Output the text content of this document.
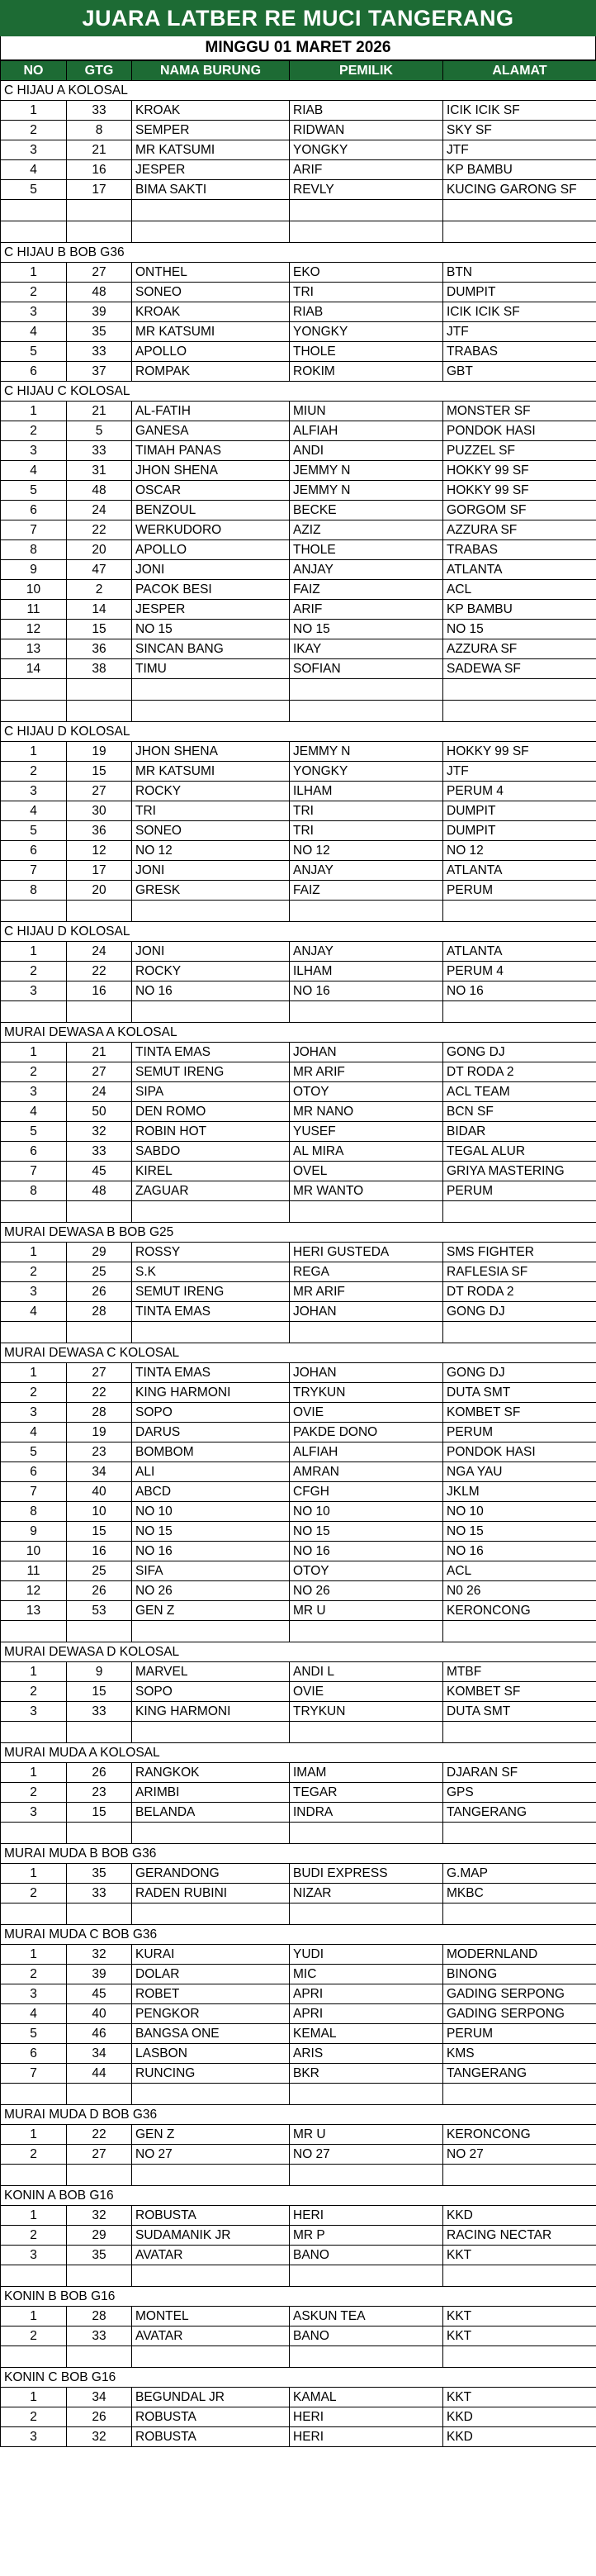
JUARA LATBER RE MUCI TANGERANG
MINGGU 01 MARET 2026
NO	GTG	NAMA BURUNG	PEMILIK	ALAMAT
C HIJAU A KOLOSAL				
1	33	KROAK	RIAB	ICIK ICIK SF
2	8	SEMPER	RIDWAN	SKY SF
3	21	MR KATSUMI	YONGKY	JTF
4	16	JESPER	ARIF	KP BAMBU
5	17	BIMA SAKTI	REVLY	KUCING GARONG SF

C HIJAU B BOB G36				
1	27	ONTHEL	EKO	BTN
2	48	SONEO	TRI	DUMPIT
3	39	KROAK	RIAB	ICIK ICIK SF
4	35	MR KATSUMI	YONGKY	JTF
5	33	APOLLO	THOLE	TRABAS
6	37	ROMPAK	ROKIM	GBT
C HIJAU C KOLOSAL				
1	21	AL-FATIH	MIUN	MONSTER SF
2	5	GANESA	ALFIAH	PONDOK HASI
3	33	TIMAH PANAS	ANDI	PUZZEL SF
4	31	JHON SHENA	JEMMY N	HOKKY 99 SF
5	48	OSCAR	JEMMY N	HOKKY 99 SF
6	24	BENZOUL	BECKE	GORGOM SF
7	22	WERKUDORO	AZIZ	AZZURA SF
8	20	APOLLO	THOLE	TRABAS
9	47	JONI	ANJAY	ATLANTA
10	2	PACOK BESI	FAIZ	ACL
11	14	JESPER	ARIF	KP BAMBU
12	15	NO 15	NO 15	NO 15
13	36	SINCAN BANG	IKAY	AZZURA SF
14	38	TIMU	SOFIAN	SADEWA SF

C HIJAU D KOLOSAL				
1	19	JHON SHENA	JEMMY N	HOKKY 99 SF
2	15	MR KATSUMI	YONGKY	JTF
3	27	ROCKY	ILHAM	PERUM 4
4	30	TRI	TRI	DUMPIT
5	36	SONEO	TRI	DUMPIT
6	12	NO 12	NO 12	NO 12
7	17	JONI	ANJAY	ATLANTA
8	20	GRESK	FAIZ	PERUM

C HIJAU D KOLOSAL				
1	24	JONI	ANJAY	ATLANTA
2	22	ROCKY	ILHAM	PERUM 4
3	16	NO 16	NO 16	NO 16

MURAI DEWASA A KOLOSAL				
1	21	TINTA EMAS	JOHAN	GONG DJ
2	27	SEMUT IRENG	MR ARIF	DT RODA 2
3	24	SIPA	OTOY	ACL TEAM
4	50	DEN ROMO	MR NANO	BCN SF
5	32	ROBIN HOT	YUSEF	BIDAR
6	33	SABDO	AL MIRA	TEGAL ALUR
7	45	KIREL	OVEL	GRIYA MASTERING
8	48	ZAGUAR	MR WANTO	PERUM

MURAI DEWASA B BOB G25				
1	29	ROSSY	HERI GUSTEDA	SMS FIGHTER
2	25	S.K	REGA	RAFLESIA SF
3	26	SEMUT IRENG	MR ARIF	DT RODA 2
4	28	TINTA EMAS	JOHAN	GONG DJ

MURAI DEWASA C KOLOSAL				
1	27	TINTA EMAS	JOHAN	GONG DJ
2	22	KING HARMONI	TRYKUN	DUTA SMT
3	28	SOPO	OVIE	KOMBET SF
4	19	DARUS	PAKDE DONO	PERUM
5	23	BOMBOM	ALFIAH	PONDOK HASI
6	34	ALI	AMRAN	NGA YAU
7	40	ABCD	CFGH	JKLM
8	10	NO 10	NO 10	NO 10
9	15	NO 15	NO 15	NO 15
10	16	NO 16	NO 16	NO 16
11	25	SIFA	OTOY	ACL
12	26	NO 26	NO 26	N0 26
13	53	GEN Z	MR U	KERONCONG

MURAI DEWASA D KOLOSAL				
1	9	MARVEL	ANDI L	MTBF
2	15	SOPO	OVIE	KOMBET SF
3	33	KING HARMONI	TRYKUN	DUTA SMT

MURAI MUDA A KOLOSAL				
1	26	RANGKOK	IMAM	DJARAN SF
2	23	ARIMBI	TEGAR	GPS
3	15	BELANDA	INDRA	TANGERANG

MURAI MUDA B BOB G36				
1	35	GERANDONG	BUDI EXPRESS	G.MAP
2	33	RADEN RUBINI	NIZAR	MKBC

MURAI MUDA C BOB G36				
1	32	KURAI	YUDI	MODERNLAND
2	39	DOLAR	MIC	BINONG
3	45	ROBET	APRI	GADING SERPONG
4	40	PENGKOR	APRI	GADING SERPONG
5	46	BANGSA ONE	KEMAL	PERUM
6	34	LASBON	ARIS	KMS
7	44	RUNCING	BKR	TANGERANG

MURAI MUDA D BOB G36				
1	22	GEN Z	MR U	KERONCONG
2	27	NO 27	NO 27	NO 27

KONIN A BOB G16				
1	32	ROBUSTA	HERI	KKD
2	29	SUDAMANIK JR	MR P	RACING NECTAR
3	35	AVATAR	BANO	KKT

KONIN B BOB G16				
1	28	MONTEL	ASKUN TEA	KKT
2	33	AVATAR	BANO	KKT

KONIN C BOB G16				
1	34	BEGUNDAL JR	KAMAL	KKT
2	26	ROBUSTA	HERI	KKD
3	32	ROBUSTA	HERI	KKD
